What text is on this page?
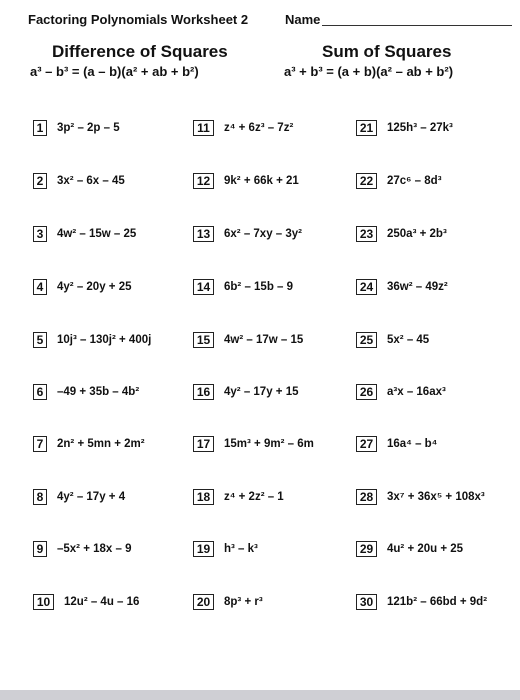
Factoring Polynomials Worksheet 2	Name
Difference of Squares
a³ – b³ = (a – b)(a² + ab + b²)
Sum of Squares
a³ + b³ = (a + b)(a² – ab + b²)
1	3p² – 2p – 5
2	3x² – 6x – 45
3	4w² – 15w – 25
4	4y² – 20y + 25
5	10j³ – 130j² + 400j
6	–49 + 35b – 4b²
7	2n² + 5mn + 2m²
8	4y² – 17y + 4
9	–5x² + 18x – 9
10	12u² – 4u – 16
11	z⁴ + 6z³ – 7z²
12	9k² + 66k + 21
13	6x² – 7xy – 3y²
14	6b² – 15b – 9
15	4w² – 17w – 15
16	4y² – 17y + 15
17	15m³ + 9m² – 6m
18	z⁴ + 2z² – 1
19	h³ – k³
20	8p³ + r³
21	125h³ – 27k³
22	27c⁶ – 8d³
23	250a³ + 2b³
24	36w² – 49z²
25	5x² – 45
26	a³x – 16ax³
27	16a⁴ – b⁴
28	3x⁷ + 36x⁵ + 108x³
29	4u² + 20u + 25
30	121b² – 66bd + 9d²
